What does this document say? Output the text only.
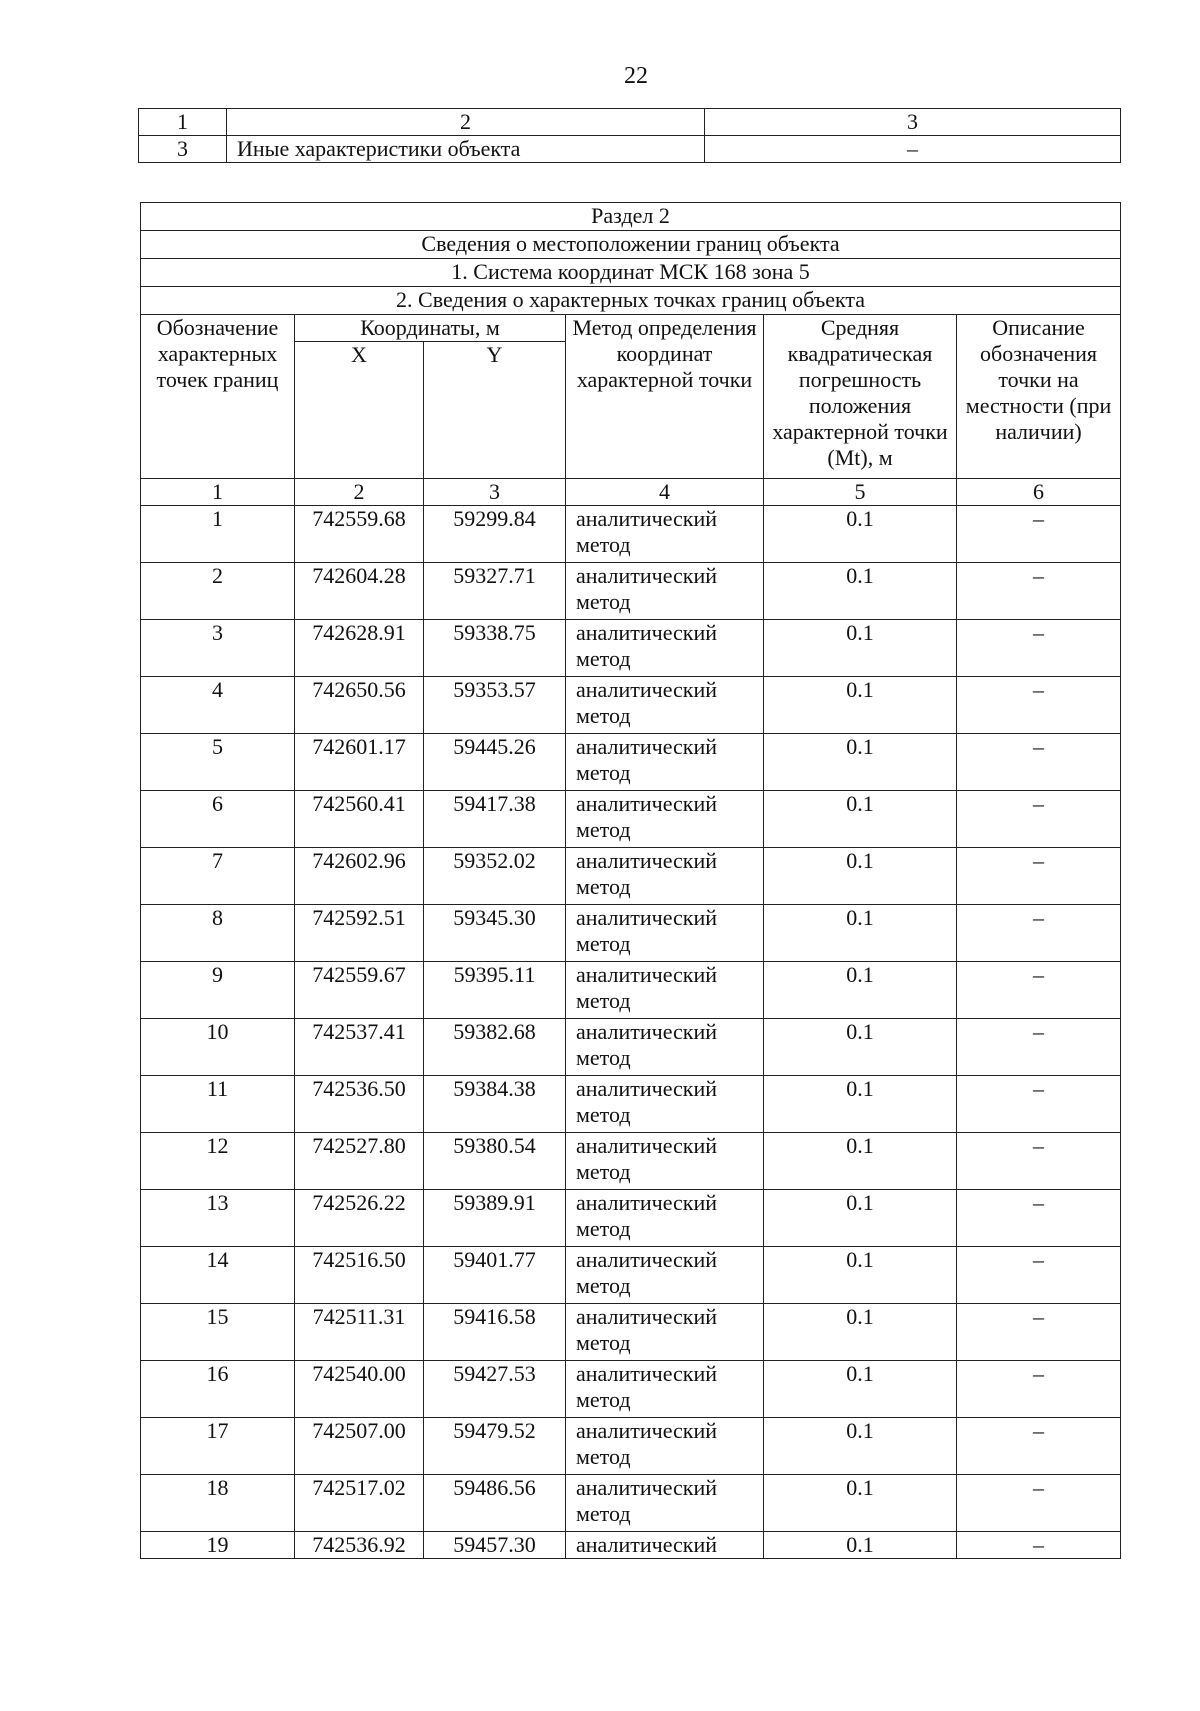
22
1	2	3
3	Иные характеристики объекта	–
Раздел 2					
Сведения о местоположении границ объекта					
1. Система координат МСК 168 зона 5					
2. Сведения о характерных точках границ объекта					
Обозначение характерных точек границ	Координаты, м		Метод определения координат характерной точки	Средняя квадратическая погрешность положения характерной точки (Mt), м	Описание обозначения точки на местности (при наличии)
	X	Y			
1	2	3	4	5	6
1	742559.68	59299.84	аналитический метод	0.1	–
2	742604.28	59327.71	аналитический метод	0.1	–
3	742628.91	59338.75	аналитический метод	0.1	–
4	742650.56	59353.57	аналитический метод	0.1	–
5	742601.17	59445.26	аналитический метод	0.1	–
6	742560.41	59417.38	аналитический метод	0.1	–
7	742602.96	59352.02	аналитический метод	0.1	–
8	742592.51	59345.30	аналитический метод	0.1	–
9	742559.67	59395.11	аналитический метод	0.1	–
10	742537.41	59382.68	аналитический метод	0.1	–
11	742536.50	59384.38	аналитический метод	0.1	–
12	742527.80	59380.54	аналитический метод	0.1	–
13	742526.22	59389.91	аналитический метод	0.1	–
14	742516.50	59401.77	аналитический метод	0.1	–
15	742511.31	59416.58	аналитический метод	0.1	–
16	742540.00	59427.53	аналитический метод	0.1	–
17	742507.00	59479.52	аналитический метод	0.1	–
18	742517.02	59486.56	аналитический метод	0.1	–
19	742536.92	59457.30	аналитический	0.1	–
